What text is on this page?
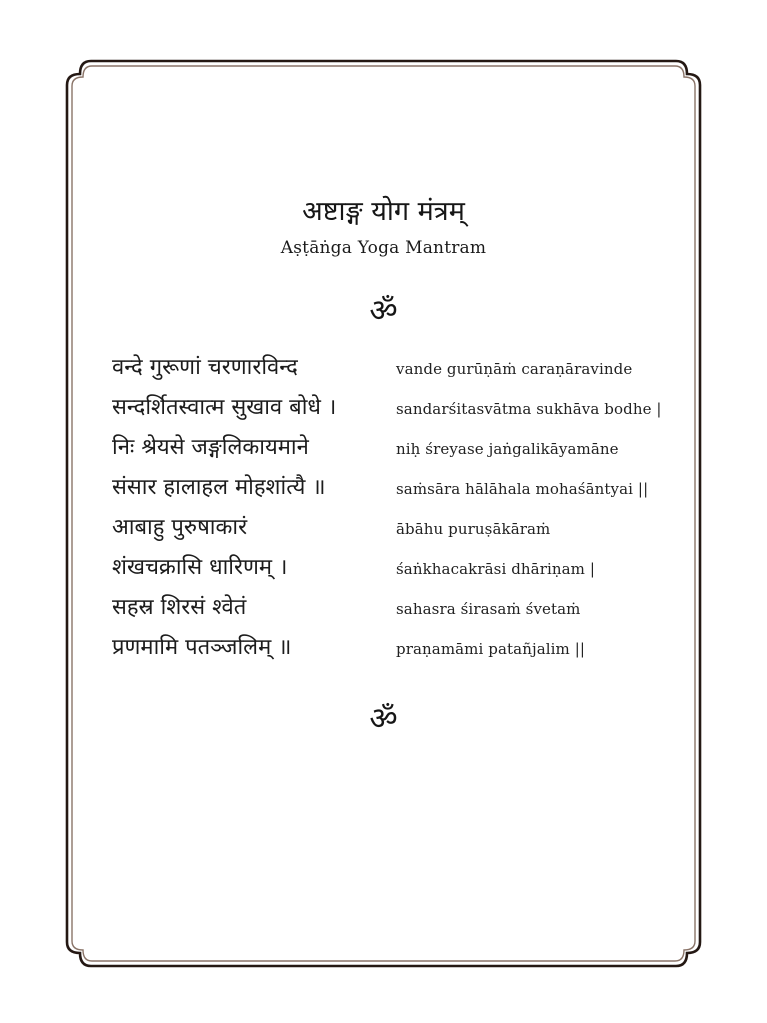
अष्टाङ्ग योग मंत्रम्
Aṣṭāṅga Yoga Mantram
ॐ
वन्दे गुरूणां चरणारविन्द	vande gurūṇāṁ caraṇāravinde
सन्दर्शितस्वात्म सुखाव बोधे ।	sandarśitasvātma sukhāva bodhe |
निः श्रेयसे जङ्गलिकायमाने	niḥ śreyase jaṅgalikāyamāne
संसार हालाहल मोहशांत्यै ॥	saṁsāra hālāhala mohaśāntyai ||
आबाहु पुरुषाकारं	ābāhu puruṣākāraṁ
शंखचक्रासि धारिणम् ।	śaṅkhacakrāsi dhāriṇam |
सहस्र शिरसं श्वेतं	sahasra śirasaṁ śvetaṁ
प्रणमामि पतञ्जलिम् ॥	praṇamāmi patañjalim ||
ॐ
